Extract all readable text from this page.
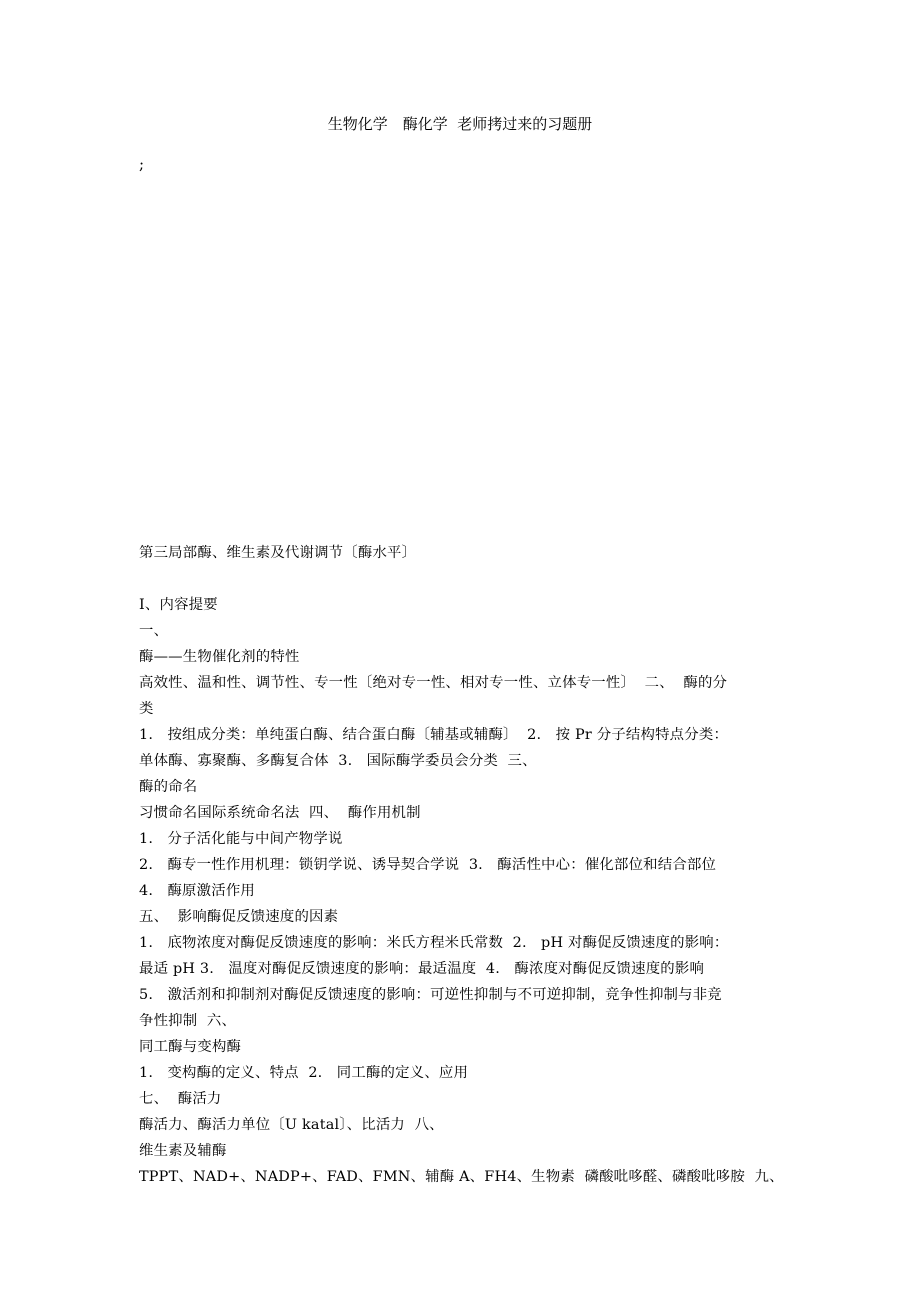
生物化学　酶化学  老师拷过来的习题册
;
第三局部酶、维生素及代谢调节〔酶水平〕
Ⅰ、内容提要
一、
酶——生物催化剂的特性
高效性、温和性、调节性、专一性〔绝对专一性、相对专一性、立体专一性〕  二、  酶的分
类
1.   按组成分类：单纯蛋白酶、结合蛋白酶〔辅基或辅酶〕  2.   按 Pr 分子结构特点分类：
单体酶、寡聚酶、多酶复合体  3.   国际酶学委员会分类  三、
酶的命名
习惯命名国际系统命名法  四、  酶作用机制
1.   分子活化能与中间产物学说
2.   酶专一性作用机理：锁钥学说、诱导契合学说  3.   酶活性中心：催化部位和结合部位
4.   酶原激活作用
五、  影响酶促反馈速度的因素
1.   底物浓度对酶促反馈速度的影响：米氏方程米氏常数  2.   pH 对酶促反馈速度的影响：
最适 pH 3.   温度对酶促反馈速度的影响：最适温度  4.   酶浓度对酶促反馈速度的影响
5.   激活剂和抑制剂对酶促反馈速度的影响：可逆性抑制与不可逆抑制，竞争性抑制与非竞
争性抑制  六、
同工酶与变构酶
1.   变构酶的定义、特点  2.   同工酶的定义、应用
七、  酶活力
酶活力、酶活力单位〔U katal〕、比活力  八、
维生素及辅酶
TPPT、NAD+、NADP+、FAD、FMN、辅酶 A、FH4、生物素  磷酸吡哆醛、磷酸吡哆胺  九、
